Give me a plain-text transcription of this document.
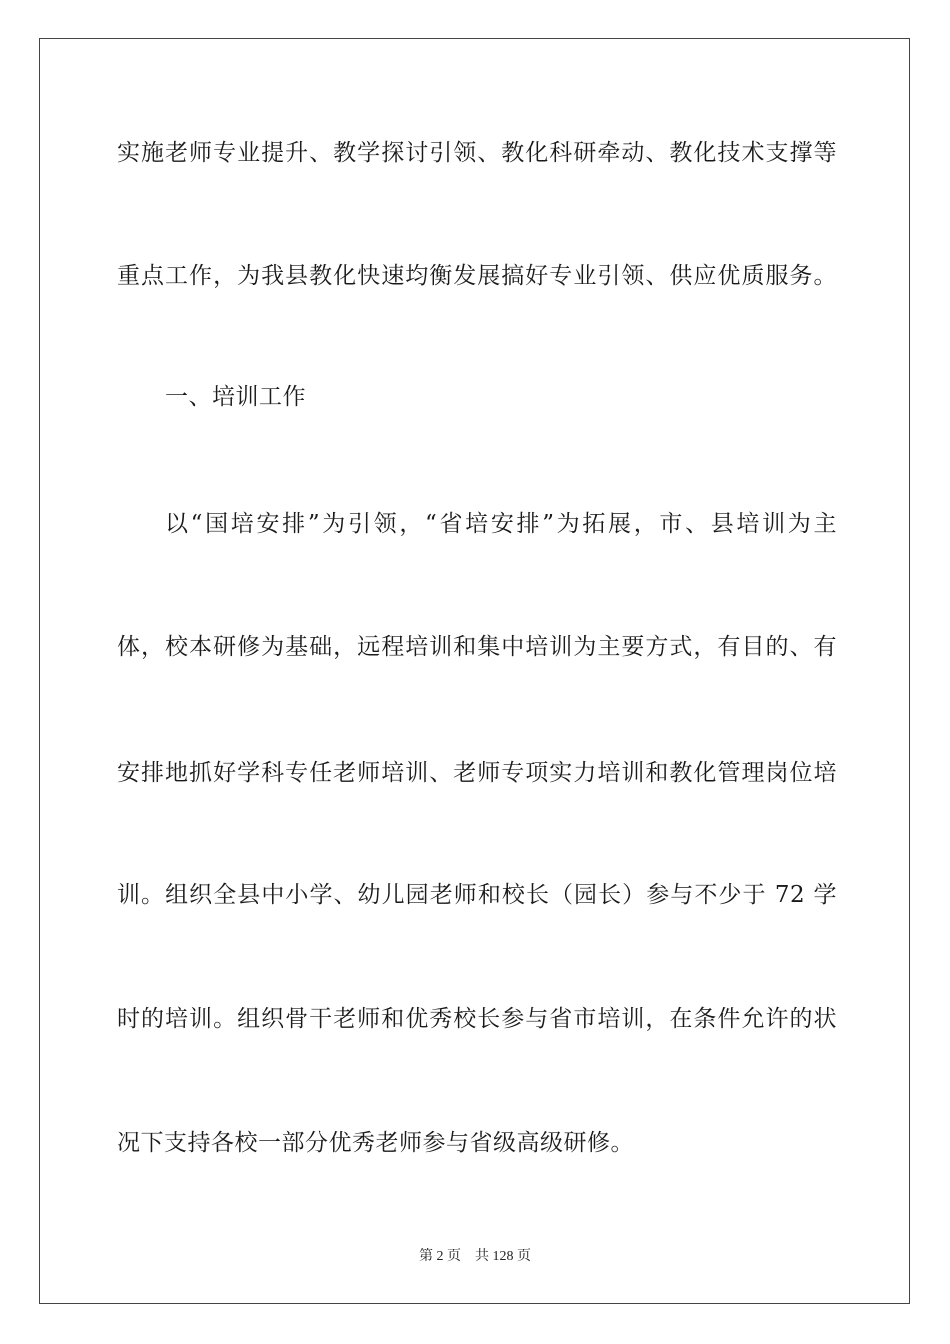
实施老师专业提升、教学探讨引领、教化科研牵动、教化技术支撑等
重点工作，为我县教化快速均衡发展搞好专业引领、供应优质服务。
一、培训工作
以“国培安排”为引领，“省培安排”为拓展，市、县培训为主
体，校本研修为基础，远程培训和集中培训为主要方式，有目的、有
安排地抓好学科专任老师培训、老师专项实力培训和教化管理岗位培
训。组织全县中小学、幼儿园老师和校长（园长）参与不少于 72 学
时的培训。组织骨干老师和优秀校长参与省市培训，在条件允许的状
况下支持各校一部分优秀老师参与省级高级研修。
第 2 页 共 128 页
